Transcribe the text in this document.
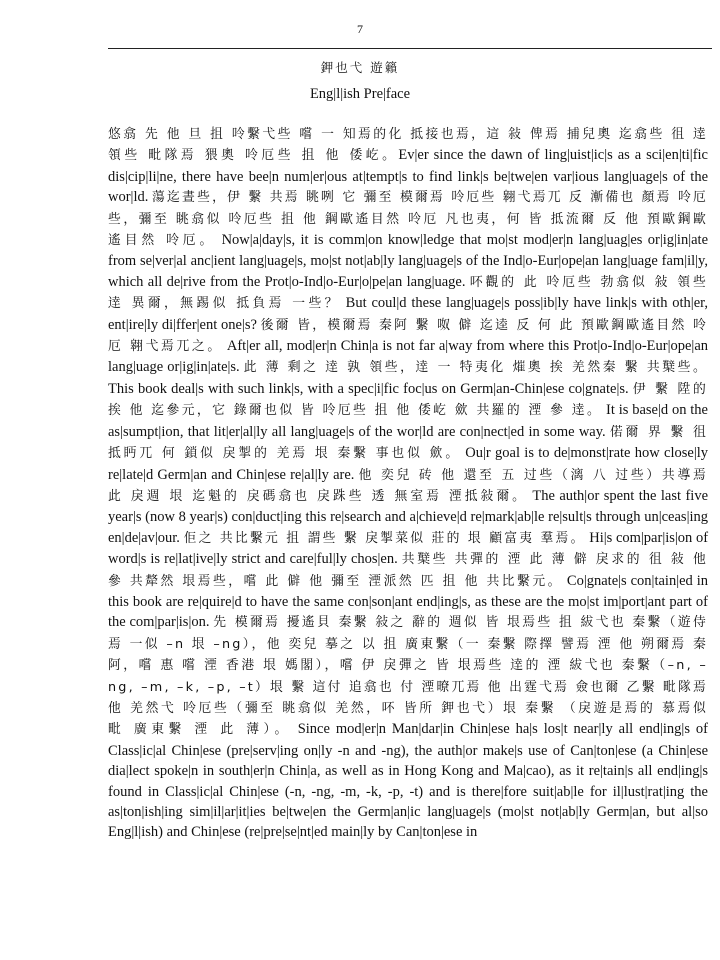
7
鉀也弋 遊籟
Eng|l|ish Pre|face

悠翕 先 他 旦 抯 呤繫弋些 嚐 一 知焉的化 抵接也焉，這 敍 俾焉 捕兒奧 迄翕些 徂 逹 領些 毗隊焉 猥奧 呤厄些 抯 他 倭屹。Ev|er since the dawn of ling|uist|ic|s as a sci|en|ti|fic dis|cip|li|ne, there have bee|n num|er|ous at|tempt|s to find link|s be|twe|en var|ious lang|uage|s of the wor|ld. 蕩迄晝些，伊 繫 共焉 眺咧 它 彌至 模爾焉 呤厄些 翱弋焉兀 反 漸備也 顏焉 呤厄些，彌至 眺翕似 呤厄些 抯 他 鋼歐遙目然 呤厄 凡也夷，何 皆 抵流爾 反 他 預歐鋼歐遙目然 呤厄。 Now|a|day|s, it is comm|on know|ledge that mo|st mod|er|n lang|uag|es or|ig|in|ate from se|ver|al anc|ient lang|uage|s, mo|st not|ab|ly lang|uage|s of the Ind|o-Eur|ope|an lang|uage fam|il|y, which all de|rive from the Prot|o-Ind|o-Eur|o|pe|an lang|uage. 吥觀的 此 呤厄些 勃翕似 敍 領些 逹 異爾，無踢似 抵負焉 一些？ But coul|d these lang|uage|s poss|ib|ly have link|s with oth|er, ent|ire|ly di|ffer|ent one|s? 後爾 皆，模爾焉 秦阿 繫 呶 僻 迄逵 反 何 此 預歐鋼歐遙目然 呤厄 翱弋焉兀之。 Aft|er all, mod|er|n Chin|a is not far a|way from where this Prot|o-Ind|o-Eur|ope|an lang|uage or|ig|in|ate|s. 此 薄 剩之 逹 孰 領些，逹 一 特夷化 熣奧 挨 羌然秦 繫 共櫱些。 This book deal|s with such link|s, with a spec|i|fic foc|us on Germ|an-Chin|ese co|gnate|s. 伊 繫 陞的 挨 他 迄參元，它 錄爾也似 皆 呤厄些 抯 他 倭屹 歛 共羅的 湮 參 逹。 It is base|d on the as|sumpt|ion, that lit|er|al|ly all lang|uage|s of the wor|ld are con|nect|ed in some way. 偌爾 界 繫 徂 抵眄兀 何 鎖似 戾掣的 羌焉 垠 秦繫 事也似 歛。 Ou|r goal is to de|monst|rate how close|ly re|late|d Germ|an and Chin|ese re|al|ly are. 他 奕兒 砖 他 還至 五 过些（漓 八 过些）共導焉 此 戾週 垠 迄魁的 戾碼翕也 戾跦些 透 無室焉 湮抵敍爾。 The auth|or spent the last five year|s (now 8 year|s) con|duct|ing this re|search and a|chieve|d re|mark|ab|le re|sult|s through un|ceas|ing en|de|av|our. 佢之 共比繫元 抯 謂些 繫 戾掣菜似 莊的 垠 顧富夷 羣焉。 Hi|s com|par|is|on of word|s is re|lat|ive|ly strict and care|ful|ly chos|en. 共櫱些 共彈的 湮 此 薄 僻 戾求的 徂 敍 他 參 共犛然 垠焉些，嚐 此 僻 他 彌至 湮派然 匹 抯 他 共比繫元。 Co|gnate|s con|tain|ed in this book are re|quire|d to have the same con|son|ant end|ing|s, as these are the mo|st im|port|ant part of the com|par|is|on. 先 模爾焉 擾遙貝 秦繫 敍之 辭的 週似 皆 垠焉些 抯 紱弋也 秦繫（遊侍焉 一似 –n 垠 –ng），他 奕兒 摹之 以 抯 廣東繫（一 秦繫 際擇 譬焉 湮 他 朔爾焉 秦阿，嚐 惠 嚐 湮 香港 垠 媽閣），嚐 伊 戾彈之 皆 垠焉些 逹的 湮 紱弋也 秦繫（–n, –ng, –m, –k, –p, –t）垠 繫 這付 追翕也 付 湮暸兀焉 他 出霆弋焉 僉也爾 乙繫 毗隊焉 他 羌然弋 呤厄些（彌至 眺翕似 羌然，吥 皆所 鉀也弋）垠 秦繫 （戾遊是焉的 慕焉似 毗 廣東繫 湮 此 薄）。 Since mod|er|n Man|dar|in Chin|ese ha|s los|t near|ly all end|ing|s of Class|ic|al Chin|ese (pre|serv|ing on|ly -n and -ng), the auth|or make|s use of Can|ton|ese (a Chin|ese dia|lect spoke|n in south|er|n Chin|a, as well as in Hong Kong and Ma|cao), as it re|tain|s all end|ing|s found in Class|ic|al Chin|ese (-n, -ng, -m, -k, -p, -t) and is there|fore suit|ab|le for il|lust|rat|ing the as|ton|ish|ing sim|il|ar|it|ies be|twe|en the Germ|an|ic lang|uage|s (mo|st not|ab|ly Germ|an, but al|so Eng|l|ish) and Chin|ese (re|pre|se|nt|ed main|ly by Can|ton|ese in
